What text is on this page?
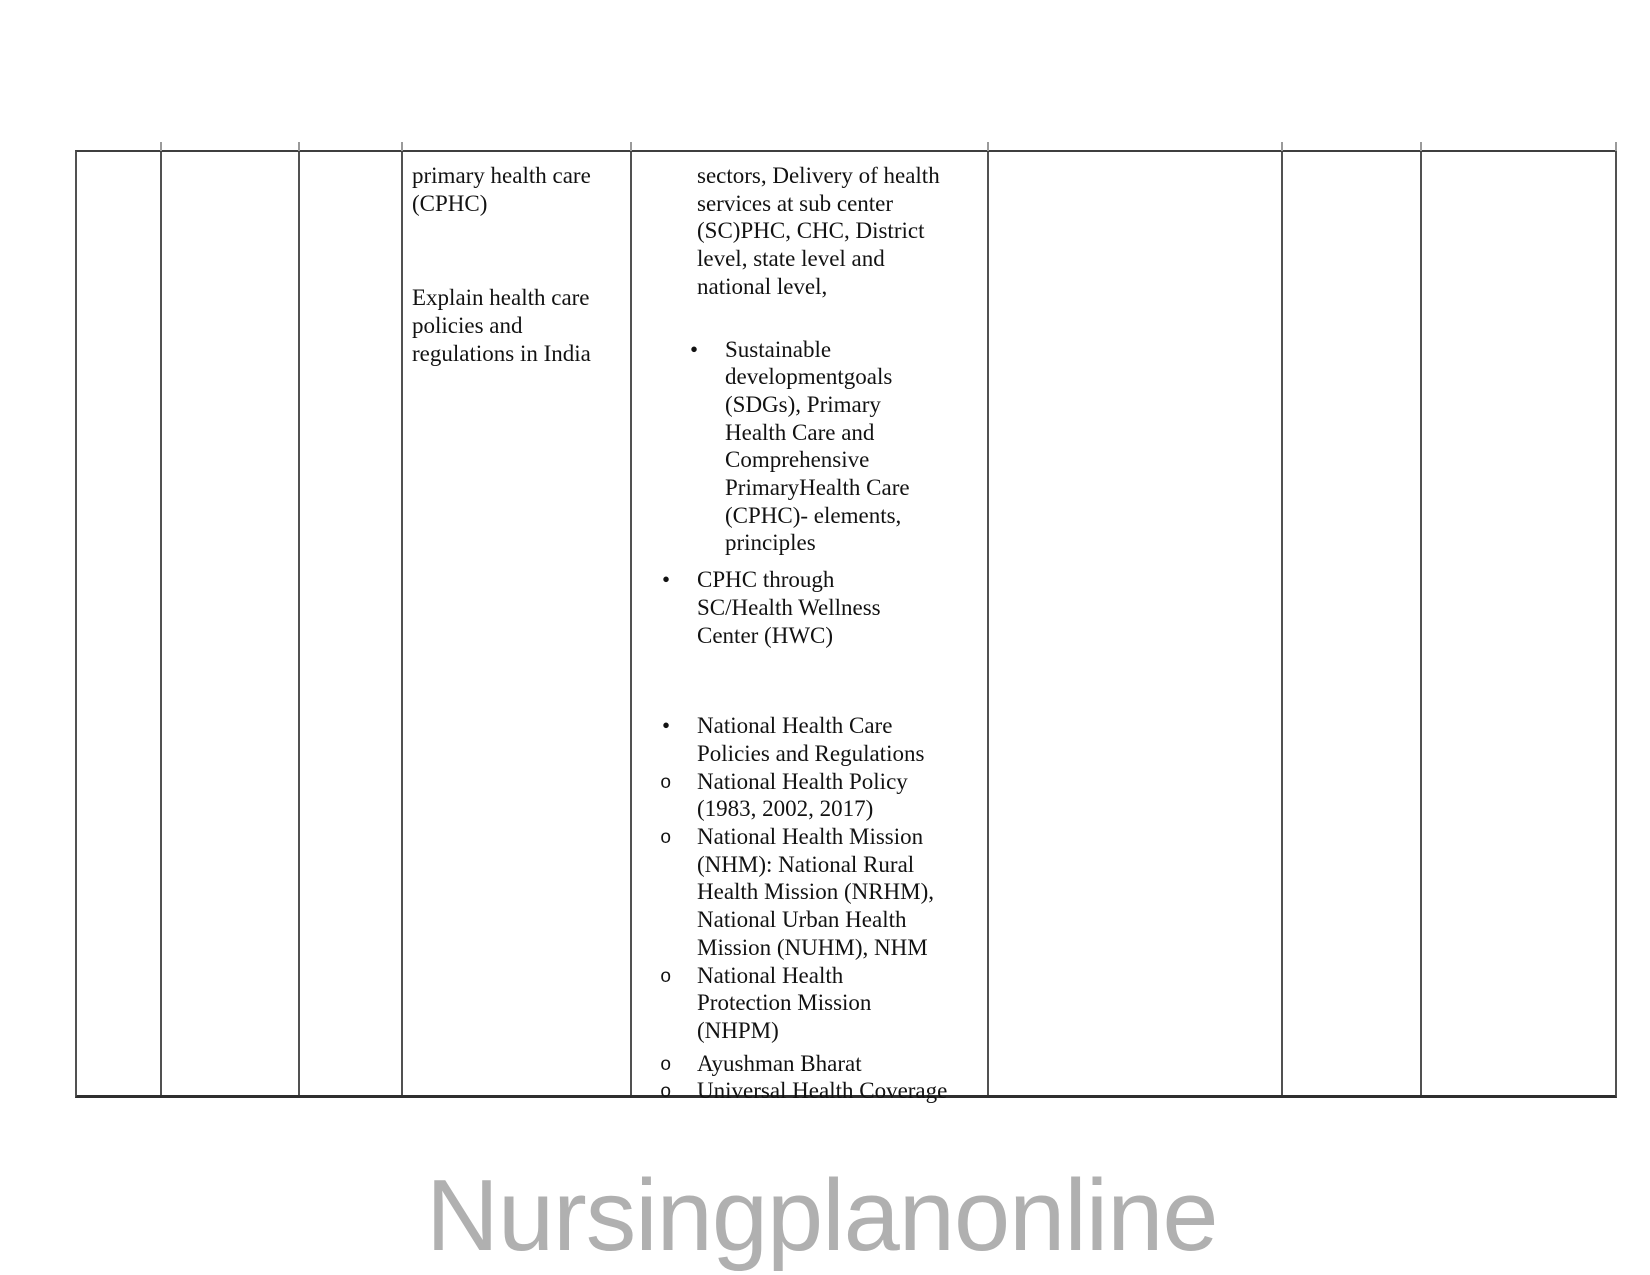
primary health care
(CPHC)
Explain health care
policies and
regulations in India
sectors, Delivery of health
services at sub center
(SC)PHC, CHC, District
level, state level and
national level,
• Sustainable
developmentgoals
(SDGs), Primary
Health Care and
Comprehensive
PrimaryHealth Care
(CPHC)- elements,
principles
• CPHC through
SC/Health Wellness
Center (HWC)
• National Health Care
Policies and Regulations
o National Health Policy
(1983, 2002, 2017)
o National Health Mission
(NHM): National Rural
Health Mission (NRHM),
National Urban Health
Mission (NUHM), NHM
o National Health
Protection Mission
(NHPM)
o Ayushman Bharat
o Universal Health Coverage
Nursingplanonline
